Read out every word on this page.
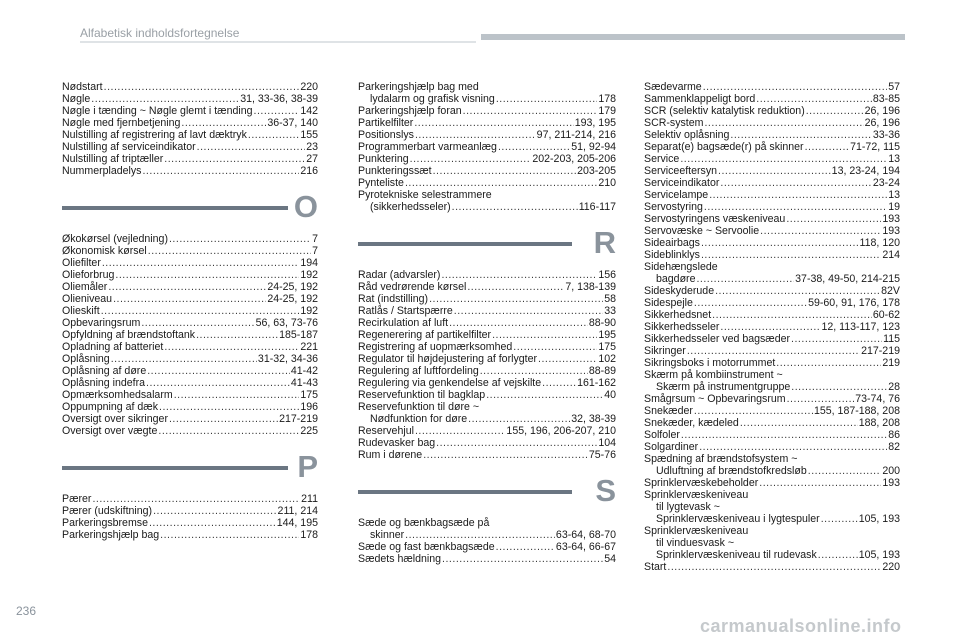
Alfabetisk indholdsfortegnelse
Nødstart .....	220
Nøgle .....	31, 33-36, 38-39
Nøgle i tænding ~ Nøgle glemt i tænding .....	142
Nøgle med fjernbetjening .....	36-37, 140
Nulstilling af registrering af lavt dæktryk .....	155
Nulstilling af serviceindikator .....	23
Nulstilling af triptæller .....	27
Nummerpladelys .....	216
O
Økokørsel (vejledning) .....	7
Økonomisk kørsel .....	7
Oliefilter .....	194
Olieforbrug .....	192
Oliemåler .....	24-25, 192
Olieniveau .....	24-25, 192
Olieskift .....	192
Opbevaringsrum .....	56, 63, 73-76
Opfyldning af brændstoftank .....	185-187
Opladning af batteriet .....	221
Oplåsning .....	31-32, 34-36
Oplåsning af døre .....	41-42
Oplåsning indefra .....	41-43
Opmærksomhedsalarm .....	175
Oppumpning af dæk .....	196
Oversigt over sikringer .....	217-219
Oversigt over vægte .....	225
P
Pærer .....	211
Pærer (udskiftning) .....	211, 214
Parkeringsbremse .....	144, 195
Parkeringshjælp bag .....	178
Parkeringshjælp bag med
lydalarm og grafisk visning .....	178
Parkeringshjælp foran .....	179
Partikelfilter .....	193, 195
Positionslys .....	97, 211-214, 216
Programmerbart varmeanlæg .....	51, 92-94
Punktering .....	202-203, 205-206
Punkteringssæt .....	203-205
Pynteliste .....	210
Pyrotekniske selestrammere
(sikkerhedsseler) .....	116-117
R
Radar (advarsler) .....	156
Råd vedrørende kørsel .....	7, 138-139
Rat (indstilling) .....	58
Ratlås / Startspærre .....	33
Recirkulation af luft .....	88-90
Regenerering af partikelfilter .....	195
Registrering af uopmærksomhed .....	175
Regulator til højdejustering af forlygter .....	102
Regulering af luftfordeling .....	88-89
Regulering via genkendelse af vejskilte .....	161-162
Reservefunktion til bagklap .....	40
Reservefunktion til døre ~
Nødfunktion for døre .....	32, 38-39
Reservehjul .....	155, 196, 206-207, 210
Rudevasker bag .....	104
Rum i dørene .....	75-76
S
Sæde og bænkbagsæde på
skinner .....	63-64, 68-70
Sæde og fast bænkbagsæde .....	63-64, 66-67
Sædets hældning .....	54
Sædevarme .....	57
Sammenklappeligt bord .....	83-85
SCR (selektiv katalytisk reduktion) .....	26, 196
SCR-system .....	26, 196
Selektiv oplåsning .....	33-36
Separat(e) bagsæde(r) på skinner .....	71-72, 115
Service .....	13
Serviceeftersyn .....	13, 23-24, 194
Serviceindikator .....	23-24
Servicelampe .....	13
Servostyring .....	19
Servostyringens væskeniveau .....	193
Servovæske ~ Servoolie .....	193
Sideairbags .....	118, 120
Sideblinklys .....	214
Sidehængslede
bagdøre .....	37-38, 49-50, 214-215
Sideskyderude .....	82V
Sidespejle .....	59-60, 91, 176, 178
Sikkerhedsnet .....	60-62
Sikkerhedsseler .....	12, 113-117, 123
Sikkerhedsseler ved bagsæder .....	115
Sikringer .....	217-219
Sikringsboks i motorrummet .....	219
Skærm på kombiinstrument ~
Skærm på instrumentgruppe .....	28
Smågrsum ~ Opbevaringsrum .....	73-74, 76
Snekæder .....	155, 187-188, 208
Snekæder, kædeled .....	188, 208
Solfoler .....	86
Solgardiner .....	82
Spædning af brændstofsystem ~
Udluftning af brændstofkredsløb .....	200
Sprinklervæskebeholder .....	193
Sprinklervæskeniveau
til lygtevask ~
Sprinklervæskeniveau i lygtespuler .....	105, 193
Sprinklervæskeniveau
til vinduesvask ~
Sprinklervæskeniveau til rudevask .....	105, 193
Start .....	220
236
carmanualsonline.info
